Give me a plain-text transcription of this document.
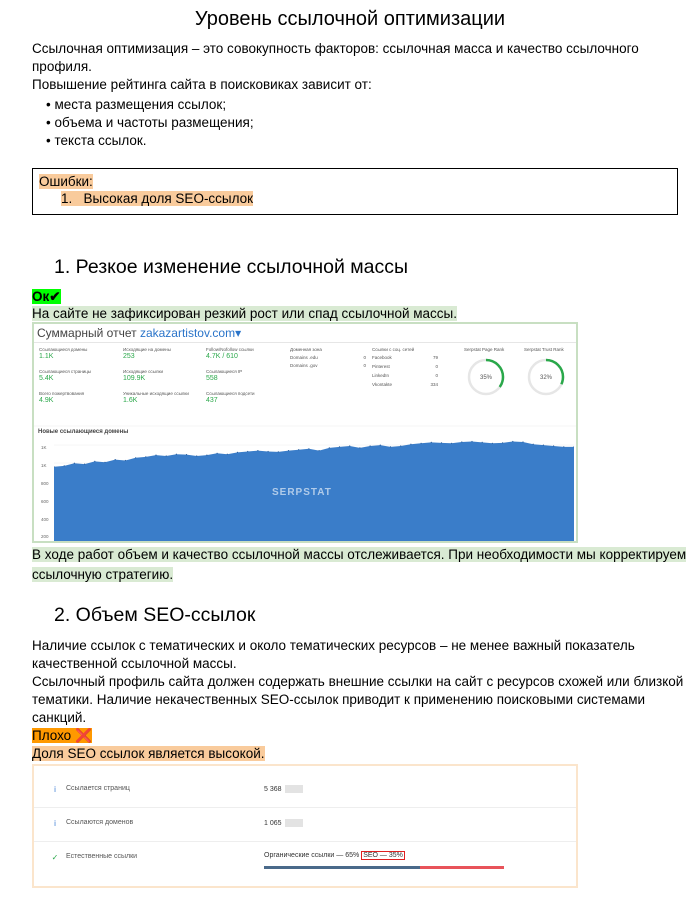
Уровень ссылочной оптимизации
Ссылочная оптимизация – это совокупность факторов: ссылочная масса и качество ссылочного
профиля.
Повышение рейтинга сайта в поисковиках зависит от:
• места размещения ссылок;
• объема и частоты размещения;
• текста ссылок.
Ошибки:
1.   Высокая доля SEO-ссылок
1. Резкое изменение ссылочной массы
Ок✔
На сайте не зафиксирован резкий рост или спад ссылочной массы.
Суммарный отчет zakazartistov.com▾
Ссылающиеся домены
1.1K
Ссылающиеся страницы
5.4K
Всего пожертвования
4.9K
Исходящие на домены
253
Исходящие ссылки
109.9K
Уникальные исходящие ссылки
1.6K
Follow/Nofollow ссылки
4.7K / 610
Ссылающиеся IP
558
Ссылающиеся подсети
437
Доменная зона
Domains .edu	0
Domains .gov	0
Ссылки с соц. сетей
Facebook	79
Pinterest	0
LinkedIn	0
Vkontakte	334
Serpstat Page Rank
35%
Serpstat Trust Rank
32%
Новые ссылающиеся домены
1K
1K
800
600
400
200
SERPSTAT
В ходе работ объем и качество ссылочной массы отслеживается. При необходимости мы корректируем
ссылочную стратегию.
2. Объем SEO-ссылок
Наличие ссылок с тематических и около тематических ресурсов – не менее важный показатель
качественной ссылочной массы.
Ссылочный профиль сайта должен содержать внешние ссылки на сайт с ресурсов схожей или близкой
тематики. Наличие некачественных SEO-ссылок приводит к применению поисковыми системами
санкций.
Плохо ❌
Доля SEO ссылок является высокой.
i	Ссылается страниц	5 368
i	Ссылаются доменов	1 065
✓ Естественные ссылки	Органические ссылки — 65% SEO — 35%
